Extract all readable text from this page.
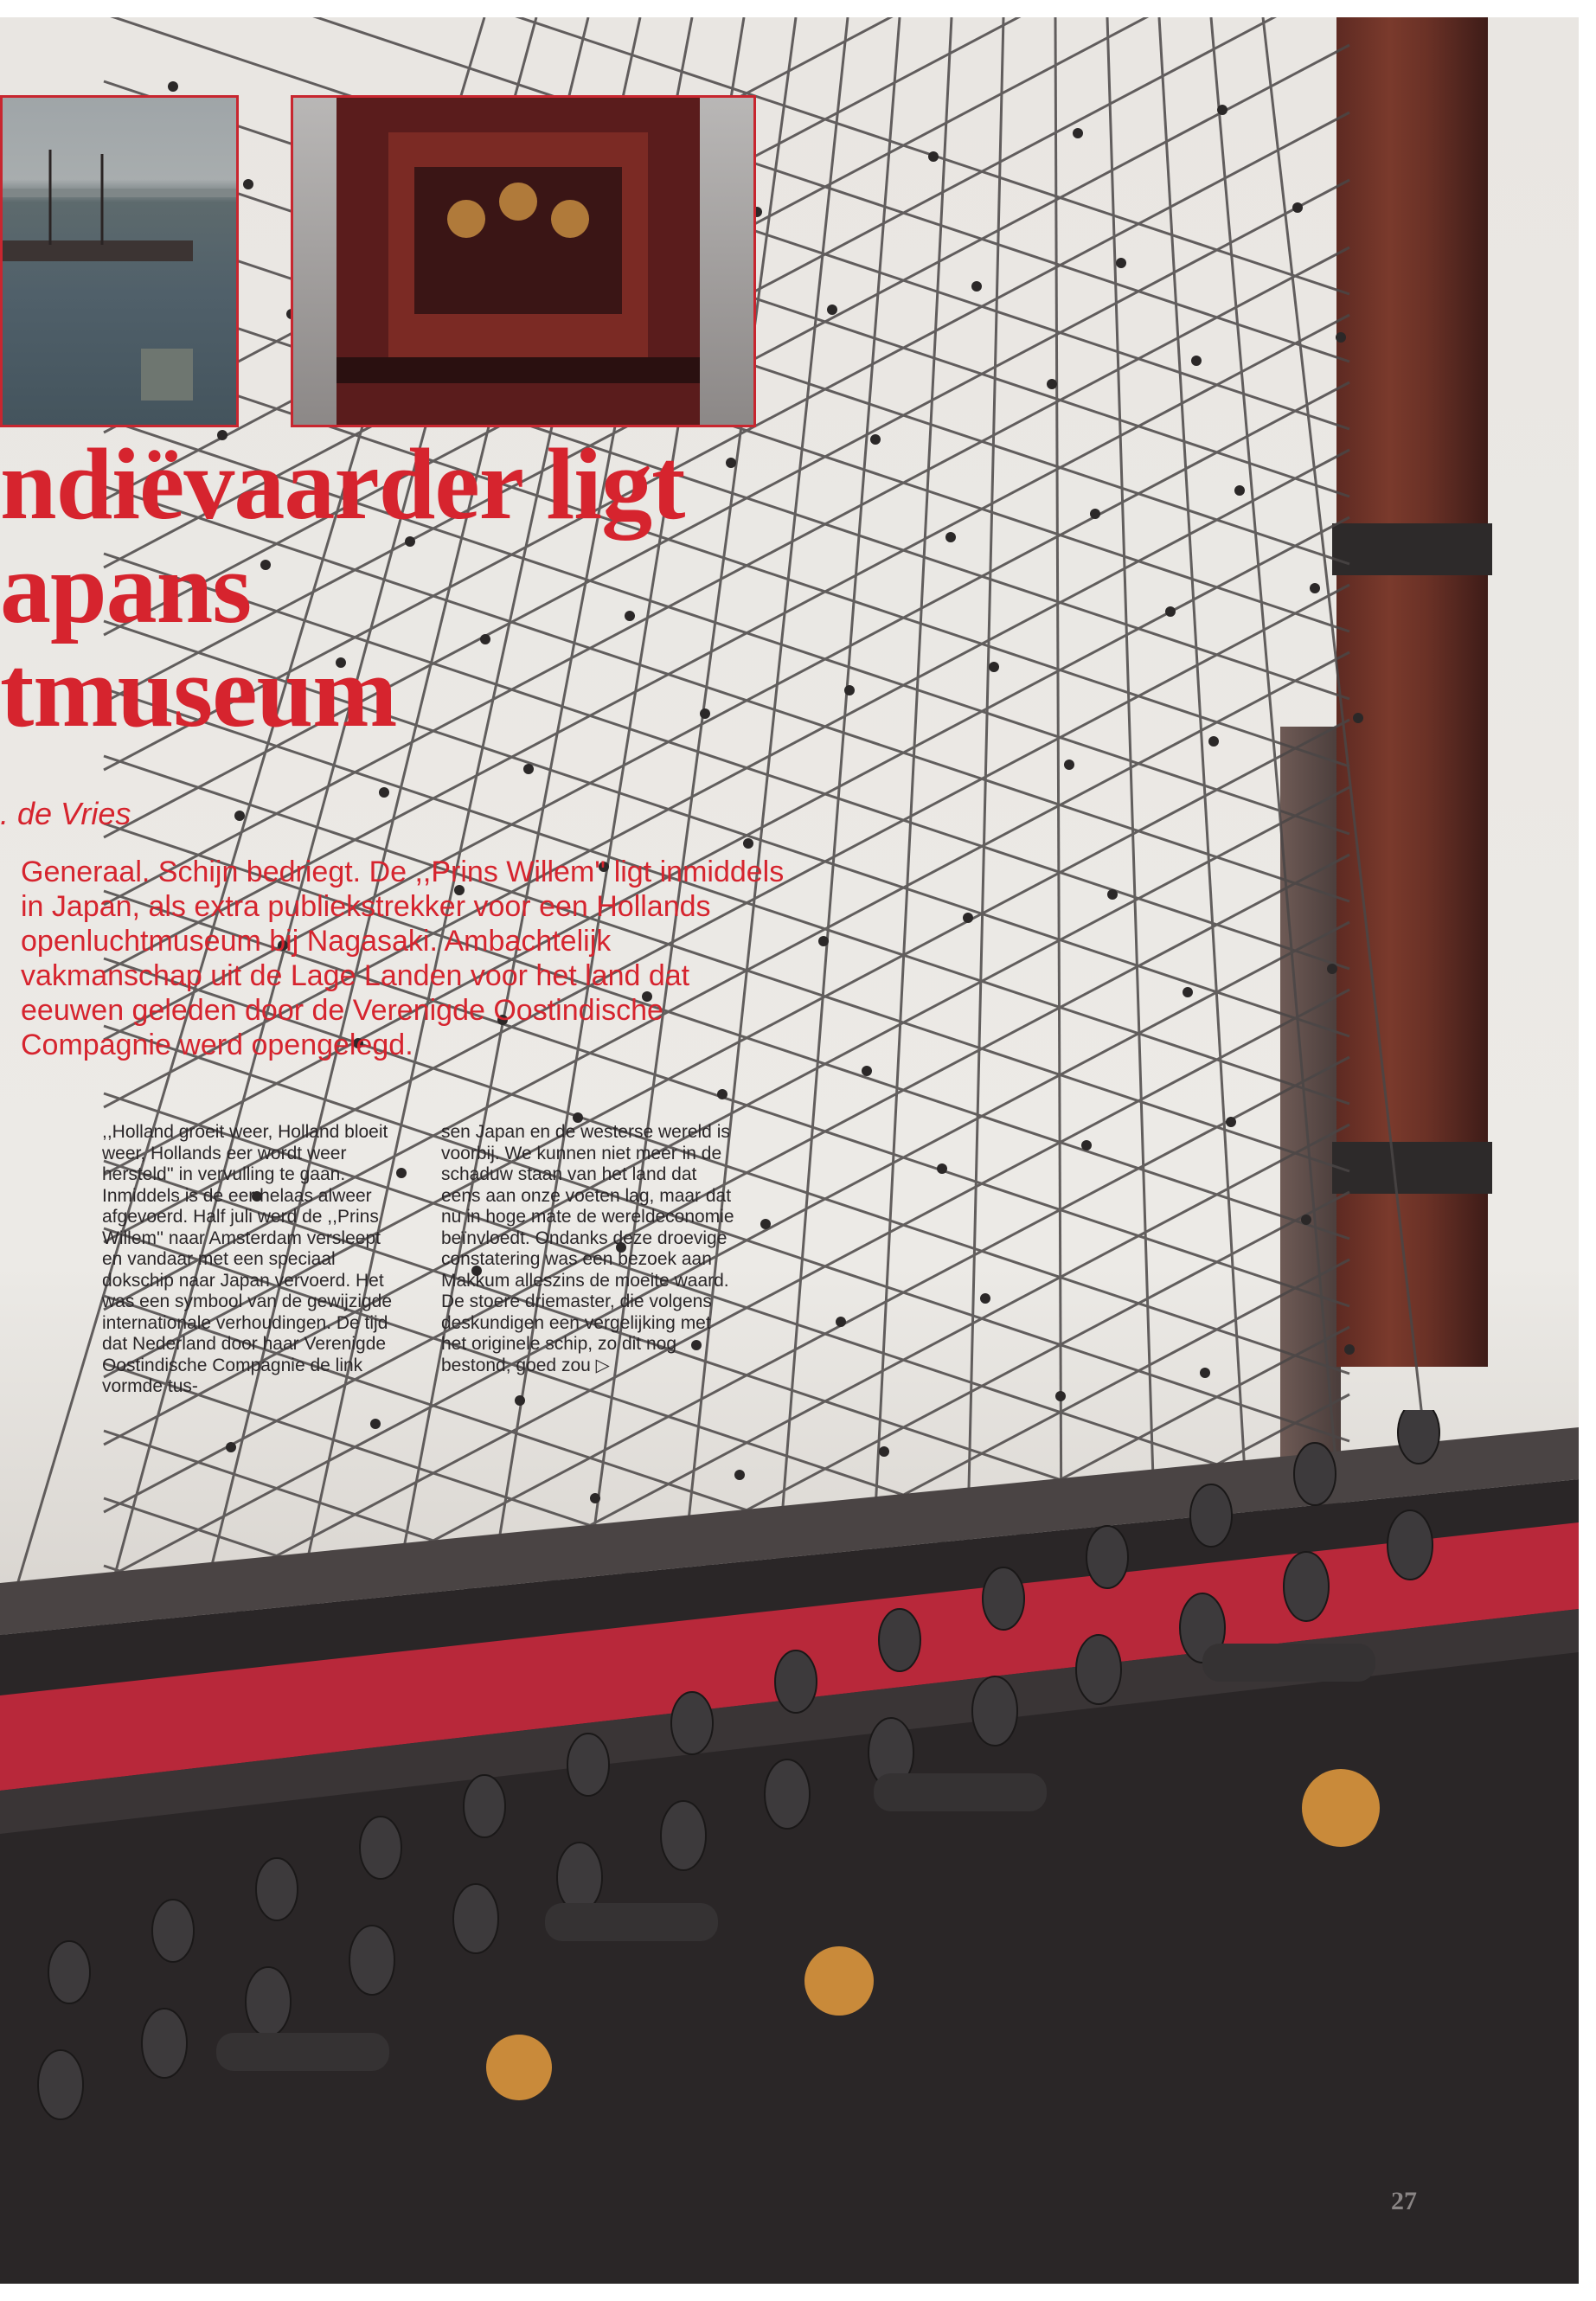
ndiëvaarder ligt
apans
tmuseum
. de Vries

Generaal. Schijn bedriegt. De ,,Prins Willem'' ligt inmiddels in Japan, als extra publiekstrekker voor een Hollands openluchtmuseum bij Nagasaki. Ambachtelijk vakmanschap uit de Lage Landen voor het land dat eeuwen geleden door de Verenigde Oostindische Compagnie werd opengelegd.

,,Holland groeit weer, Holland bloeit weer, Hollands eer wordt weer hersteld'' in vervulling te gaan. Inmiddels is de eer helaas alweer afgevoerd. Half juli werd de ,,Prins Willem'' naar Amsterdam versleept en vandaar met een speciaal dokschip naar Japan vervoerd. Het was een symbool van de gewijzigde internationale verhoudingen. De tijd dat Nederland door haar Verenigde Oostindische Compagnie de link vormde tus-

sen Japan en de westerse wereld is voorbij. We kunnen niet meer in de schaduw staan van het land dat eens aan onze voeten lag, maar dat nu in hoge mate de wereldeconomie beïnvloedt. Ondanks deze droevige constatering was een bezoek aan Makkum alleszins de moeite waard. De stoere driemaster, die volgens deskundigen een vergelijking met het originele schip, zo dit nog bestond, goed zou ▷

27
